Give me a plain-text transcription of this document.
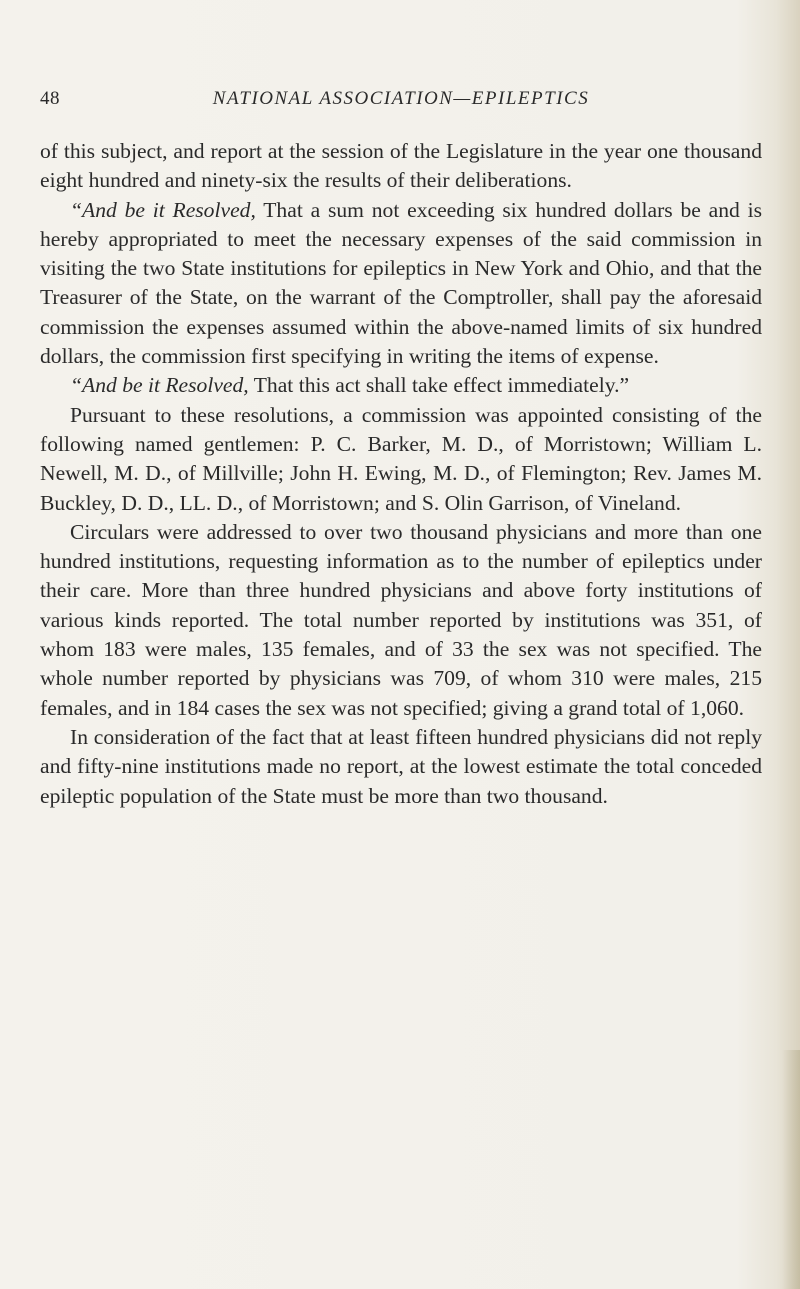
48	NATIONAL ASSOCIATION—EPILEPTICS

of this subject, and report at the session of the Legislature in the year one thousand eight hundred and ninety-six the results of their deliberations.

“And be it Resolved, That a sum not exceeding six hundred dollars be and is hereby appropriated to meet the necessary expenses of the said commission in visiting the two State institutions for epileptics in New York and Ohio, and that the Treasurer of the State, on the warrant of the Comptroller, shall pay the aforesaid commission the expenses assumed within the above-named limits of six hundred dollars, the commission first specifying in writing the items of expense.

“And be it Resolved, That this act shall take effect immediately.”

Pursuant to these resolutions, a commission was appointed consisting of the following named gentlemen: P. C. Barker, M. D., of Morristown; William L. Newell, M. D., of Millville; John H. Ewing, M. D., of Flemington; Rev. James M. Buckley, D. D., LL. D., of Morristown; and S. Olin Garrison, of Vineland.

Circulars were addressed to over two thousand physicians and more than one hundred institutions, requesting information as to the number of epileptics under their care. More than three hundred physicians and above forty institutions of various kinds reported. The total number reported by institutions was 351, of whom 183 were males, 135 females, and of 33 the sex was not specified. The whole number reported by physicians was 709, of whom 310 were males, 215 females, and in 184 cases the sex was not specified; giving a grand total of 1,060.

In consideration of the fact that at least fifteen hundred physicians did not reply and fifty-nine institutions made no report, at the lowest estimate the total conceded epileptic population of the State must be more than two thousand.
